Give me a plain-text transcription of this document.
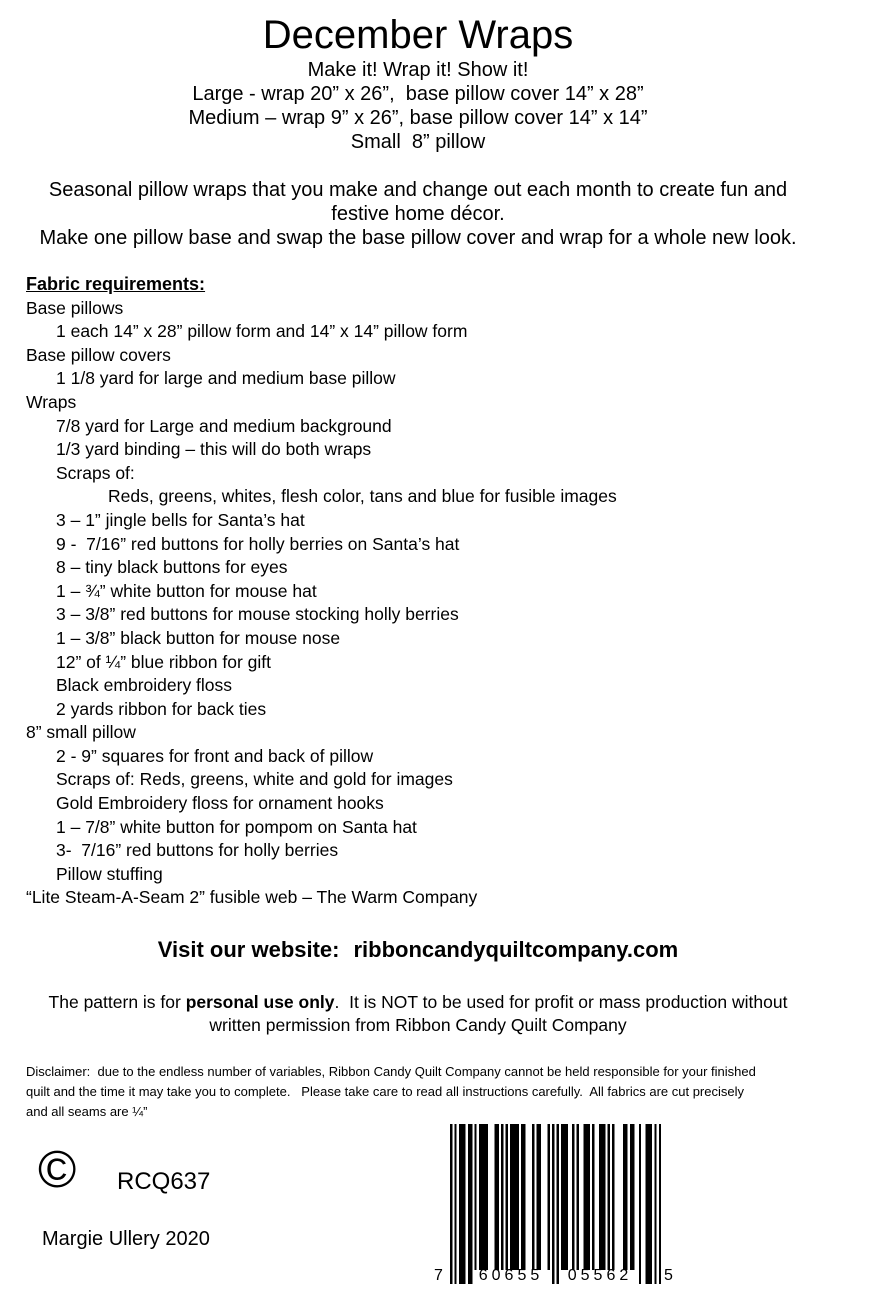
December Wraps
Make it! Wrap it! Show it!
Large - wrap 20” x 26”,  base pillow cover 14” x 28”
Medium – wrap 9” x 26”, base pillow cover 14” x 14”
Small  8” pillow
Seasonal pillow wraps that you make and change out each month to create fun and
festive home décor.
Make one pillow base and swap the base pillow cover and wrap for a whole new look.
Fabric requirements:
Base pillows
1 each 14” x 28” pillow form and 14” x 14” pillow form
Base pillow covers
1 1/8 yard for large and medium base pillow
Wraps
7/8 yard for Large and medium background
1/3 yard binding – this will do both wraps
Scraps of:
Reds, greens, whites, flesh color, tans and blue for fusible images
3 – 1” jingle bells for Santa’s hat
9 -  7/16” red buttons for holly berries on Santa’s hat
8 – tiny black buttons for eyes
1 – ¾” white button for mouse hat
3 – 3/8” red buttons for mouse stocking holly berries
1 – 3/8” black button for mouse nose
12” of ¼” blue ribbon for gift
Black embroidery floss
2 yards ribbon for back ties
8” small pillow
2 - 9” squares for front and back of pillow
Scraps of: Reds, greens, white and gold for images
Gold Embroidery floss for ornament hooks
1 – 7/8” white button for pompom on Santa hat
3-  7/16” red buttons for holly berries
Pillow stuffing
“Lite Steam-A-Seam 2” fusible web – The Warm Company
Visit our website: ribboncandyquiltcompany.com
The pattern is for personal use only.  It is NOT to be used for profit or mass production without
written permission from Ribbon Candy Quilt Company
Disclaimer:  due to the endless number of variables, Ribbon Candy Quilt Company cannot be held responsible for your finished
quilt and the time it may take you to complete.   Please take care to read all instructions carefully.  All fabrics are cut precisely
and all seams are ¼”
© RCQ637
Margie Ullery 2020
7	60655	05562	5
